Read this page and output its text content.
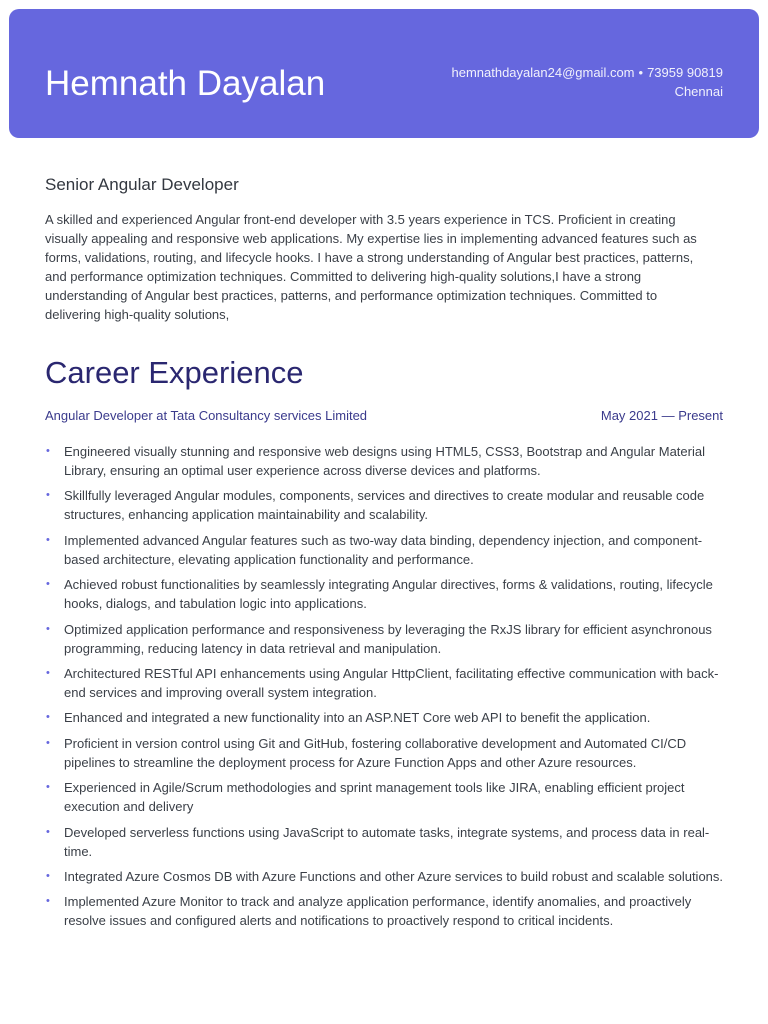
Hemnath Dayalan	hemnathdayalan24@gmail.com • 73959 90819
Chennai
Senior Angular Developer
A skilled and experienced Angular front-end developer with 3.5 years experience in TCS. Proficient in creating visually appealing and responsive web applications. My expertise lies in implementing advanced features such as forms, validations, routing, and lifecycle hooks. I have a strong understanding of Angular best practices, patterns, and performance optimization techniques. Committed to delivering high-quality solutions,I have a strong understanding of Angular best practices, patterns, and performance optimization techniques. Committed to delivering high-quality solutions,
Career Experience
Angular Developer at Tata Consultancy services Limited	May 2021 — Present
• Engineered visually stunning and responsive web designs using HTML5, CSS3, Bootstrap and Angular Material Library, ensuring an optimal user experience across diverse devices and platforms.
• Skillfully leveraged Angular modules, components, services and directives to create modular and reusable code structures, enhancing application maintainability and scalability.
• Implemented advanced Angular features such as two-way data binding, dependency injection, and component-based architecture, elevating application functionality and performance.
• Achieved robust functionalities by seamlessly integrating Angular directives, forms & validations, routing, lifecycle hooks, dialogs, and tabulation logic into applications.
• Optimized application performance and responsiveness by leveraging the RxJS library for efficient asynchronous programming, reducing latency in data retrieval and manipulation.
• Architectured RESTful API enhancements using Angular HttpClient, facilitating effective communication with back-end services and improving overall system integration.
• Enhanced and integrated a new functionality into an ASP.NET Core web API to benefit the application.
• Proficient in version control using Git and GitHub, fostering collaborative development and Automated CI/CD pipelines to streamline the deployment process for Azure Function Apps and other Azure resources.
• Experienced in Agile/Scrum methodologies and sprint management tools like JIRA, enabling efficient project execution and delivery
• Developed serverless functions using JavaScript to automate tasks, integrate systems, and process data in real-time.
• Integrated Azure Cosmos DB with Azure Functions and other Azure services to build robust and scalable solutions.
• Implemented Azure Monitor to track and analyze application performance, identify anomalies, and proactively resolve issues and configured alerts and notifications to proactively respond to critical incidents.
